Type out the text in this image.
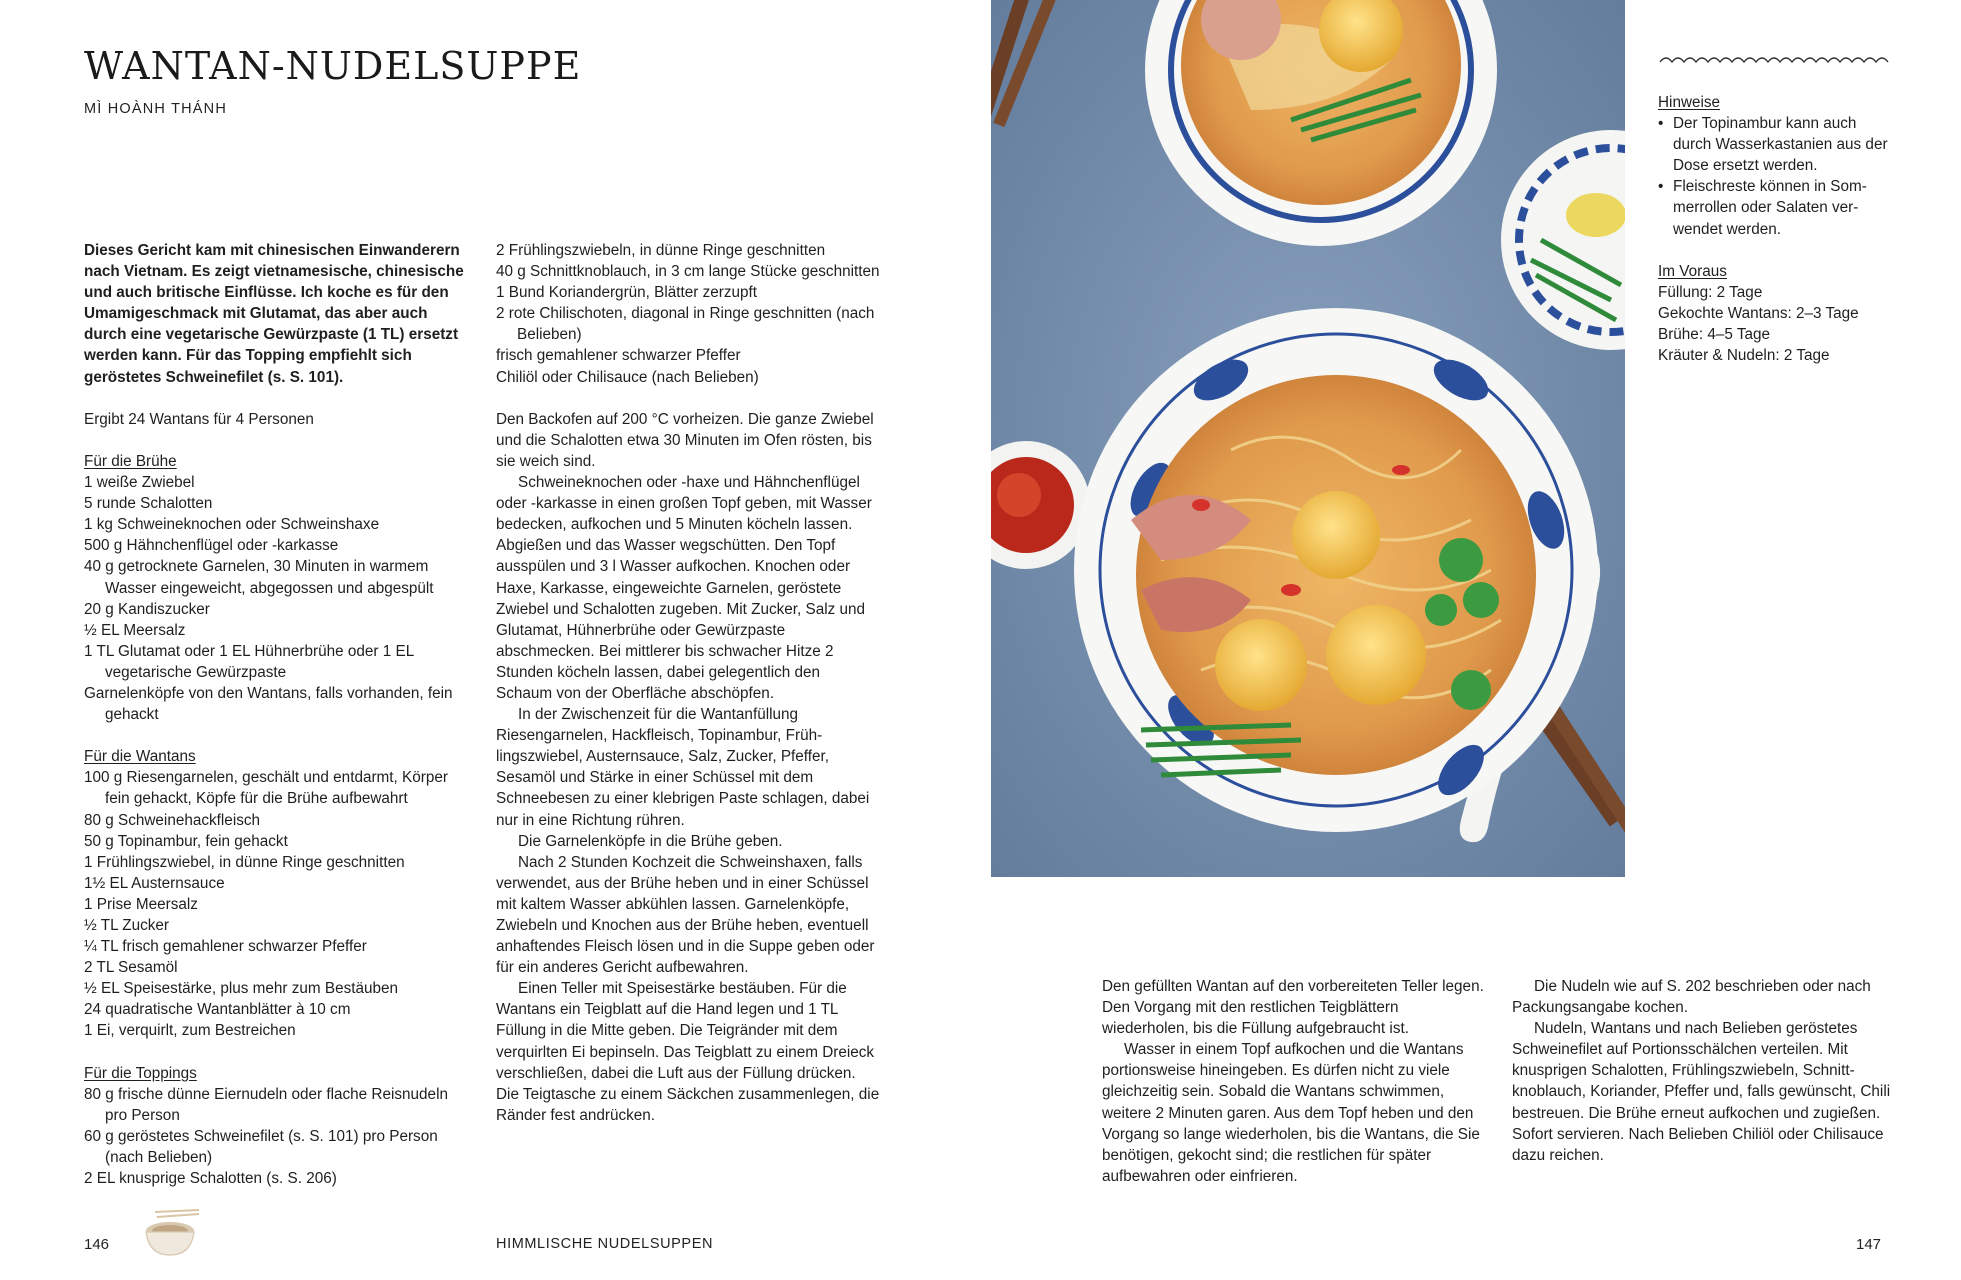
WANTAN-NUDELSUPPE
MÌ HOÀNH THÁNH

Dieses Gericht kam mit chinesischen Einwanderern nach Vietnam. Es zeigt vietnamesische, chinesische und auch britische Einflüsse. Ich koche es für den Umamigeschmack mit Glutamat, das aber auch durch eine vegetarische Gewürzpaste (1 TL) ersetzt werden kann. Für das Topping empfiehlt sich geröstetes Schweinefilet (s. S. 101).

Ergibt 24 Wantans für 4 Personen

Für die Brühe

1 weiße Zwiebel

5 runde Schalotten

1 kg Schweineknochen oder Schweinshaxe

500 g Hähnchenflügel oder -karkasse

40 g getrocknete Garnelen, 30 Minuten in warmem Wasser eingeweicht, abgegossen und abgespült

20 g Kandiszucker

½ EL Meersalz

1 TL Glutamat oder 1 EL Hühnerbrühe oder 1 EL vegetarische Gewürzpaste

Garnelenköpfe von den Wantans, falls vorhanden, fein gehackt

Für die Wantans

100 g Riesengarnelen, geschält und entdarmt, Körper fein gehackt, Köpfe für die Brühe aufbewahrt

80 g Schweinehackfleisch

50 g Topinambur, fein gehackt

1 Frühlingszwiebel, in dünne Ringe geschnitten

1½ EL Austernsauce

1 Prise Meersalz

½ TL Zucker

¼ TL frisch gemahlener schwarzer Pfeffer

2 TL Sesamöl

½ EL Speisestärke, plus mehr zum Bestäuben

24 quadratische Wantanblätter à 10 cm

1 Ei, verquirlt, zum Bestreichen

Für die Toppings

80 g frische dünne Eiernudeln oder flache Reisnudeln pro Person

60 g geröstetes Schweinefilet (s. S. 101) pro Person (nach Belieben)

2 EL knusprige Schalotten (s. S. 206)

2 Frühlingszwiebeln, in dünne Ringe geschnitten

40 g Schnittknoblauch, in 3 cm lange Stücke geschnitten

1 Bund Koriandergrün, Blätter zerzupft

2 rote Chilischoten, diagonal in Ringe geschnitten (nach Belieben)

frisch gemahlener schwarzer Pfeffer

Chiliöl oder Chilisauce (nach Belieben)

Den Backofen auf 200 °C vorheizen. Die ganze Zwiebel und die Schalotten etwa 30 Minuten im Ofen rösten, bis sie weich sind.

Schweineknochen oder -haxe und Hähnchenflügel oder -karkasse in einen großen Topf geben, mit Wasser bedecken, aufkochen und 5 Minuten köcheln lassen. Abgießen und das Wasser wegschütten. Den Topf ausspülen und 3 l Wasser aufkochen. Knochen oder Haxe, Karkasse, eingeweichte Garnelen, geröstete Zwiebel und Schalotten zugeben. Mit Zucker, Salz und Glutamat, Hühnerbrühe oder Gewürzpaste abschmecken. Bei mittlerer bis schwacher Hitze 2 Stunden köcheln lassen, dabei gelegentlich den Schaum von der Oberfläche abschöpfen.

In der Zwischenzeit für die Wantanfüllung Riesengarnelen, Hackfleisch, Topinambur, Frühlingszwiebel, Austernsauce, Salz, Zucker, Pfeffer, Sesamöl und Stärke in einer Schüssel mit dem Schneebesen zu einer klebrigen Paste schlagen, dabei nur in eine Richtung rühren.

Die Garnelenköpfe in die Brühe geben.

Nach 2 Stunden Kochzeit die Schweinshaxen, falls verwendet, aus der Brühe heben und in einer Schüssel mit kaltem Wasser abkühlen lassen. Garnelenköpfe, Zwiebeln und Knochen aus der Brühe heben, eventuell anhaftendes Fleisch lösen und in die Suppe geben oder für ein anderes Gericht aufbewahren.

Einen Teller mit Speisestärke bestäuben. Für die Wantans ein Teigblatt auf die Hand legen und 1 TL Füllung in die Mitte geben. Die Teigränder mit dem verquirlten Ei bepinseln. Das Teigblatt zu einem Dreieck verschließen, dabei die Luft aus der Füllung drücken. Die Teigtasche zu einem Säckchen zusammenlegen, die Ränder fest andrücken.

Hinweise

• Der Topinambur kann auch durch Wasserkastanien aus der Dose ersetzt werden.
• Fleischreste können in Sommerrollen oder Salaten verwendet werden.

Im Voraus

Füllung: 2 Tage

Gekochte Wantans: 2–3 Tage

Brühe: 4–5 Tage

Kräuter & Nudeln: 2 Tage

Den gefüllten Wantan auf den vorbereiteten Teller legen. Den Vorgang mit den restlichen Teigblättern wiederholen, bis die Füllung aufgebraucht ist.

Wasser in einem Topf aufkochen und die Wantans portionsweise hineingeben. Es dürfen nicht zu viele gleichzeitig sein. Sobald die Wantans schwimmen, weitere 2 Minuten garen. Aus dem Topf heben und den Vorgang so lange wiederholen, bis die Wantans, die Sie benötigen, gekocht sind; die restlichen für später aufbewahren oder einfrieren.

Die Nudeln wie auf S. 202 beschrieben oder nach Packungsangabe kochen.

Nudeln, Wantans und nach Belieben geröstetes Schweinefilet auf Portionsschälchen verteilen. Mit knusprigen Schalotten, Frühlingszwiebeln, Schnittknoblauch, Koriander, Pfeffer und, falls gewünscht, Chili bestreuen. Die Brühe erneut aufkochen und zugießen. Sofort servieren. Nach Belieben Chiliöl oder Chilisauce dazu reichen.

146	HIMMLISCHE NUDELSUPPEN	147
